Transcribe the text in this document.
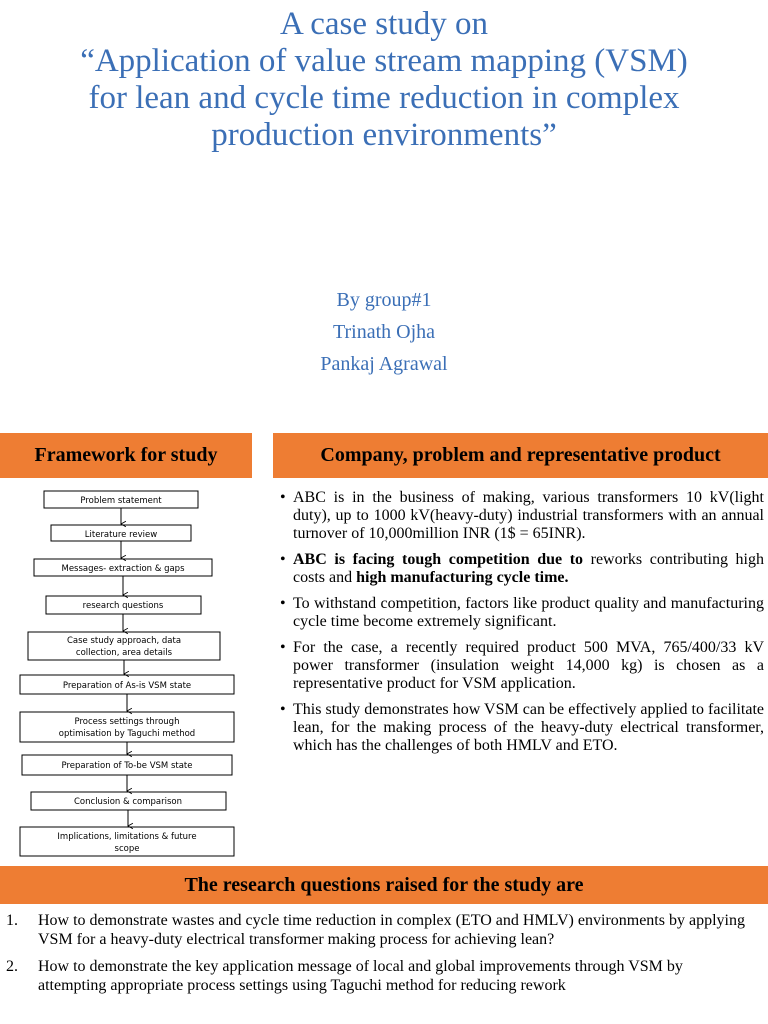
A case study on
“Application of value stream mapping (VSM)
for lean and cycle time reduction in complex
production environments”
By group#1
Trinath Ojha
Pankaj Agrawal
Framework for study	Company, problem and representative product
Problem statement
Literature review
Messages- extraction & gaps
research questions
Case study approach, data
collection, area details
Preparation of As-is VSM state
Process settings through
optimisation by Taguchi method
Preparation of To-be VSM state
Conclusion & comparison
Implications, limitations & future
scope
• ABC is in the business of making, various transformers 10 kV(light duty), up to 1000 kV(heavy-duty) industrial transformers with an annual turnover of 10,000million INR (1$ = 65INR).
• ABC is facing tough competition due to reworks contributing high costs and high manufacturing cycle time.
• To withstand competition, factors like product quality and manufacturing cycle time become extremely significant.
• For the case, a recently required product 500 MVA, 765/400/33 kV power transformer (insulation weight 14,000 kg) is chosen as a representative product for VSM application.
• This study demonstrates how VSM can be effectively applied to facilitate lean, for the making process of the heavy-duty electrical transformer, which has the challenges of both HMLV and ETO.
The research questions raised for the study are
1. How to demonstrate wastes and cycle time reduction in complex (ETO and HMLV) environments by applying VSM for a heavy-duty electrical transformer making process for achieving lean?
2. How to demonstrate the key application message of local and global improvements through VSM by attempting appropriate process settings using Taguchi method for reducing rework
